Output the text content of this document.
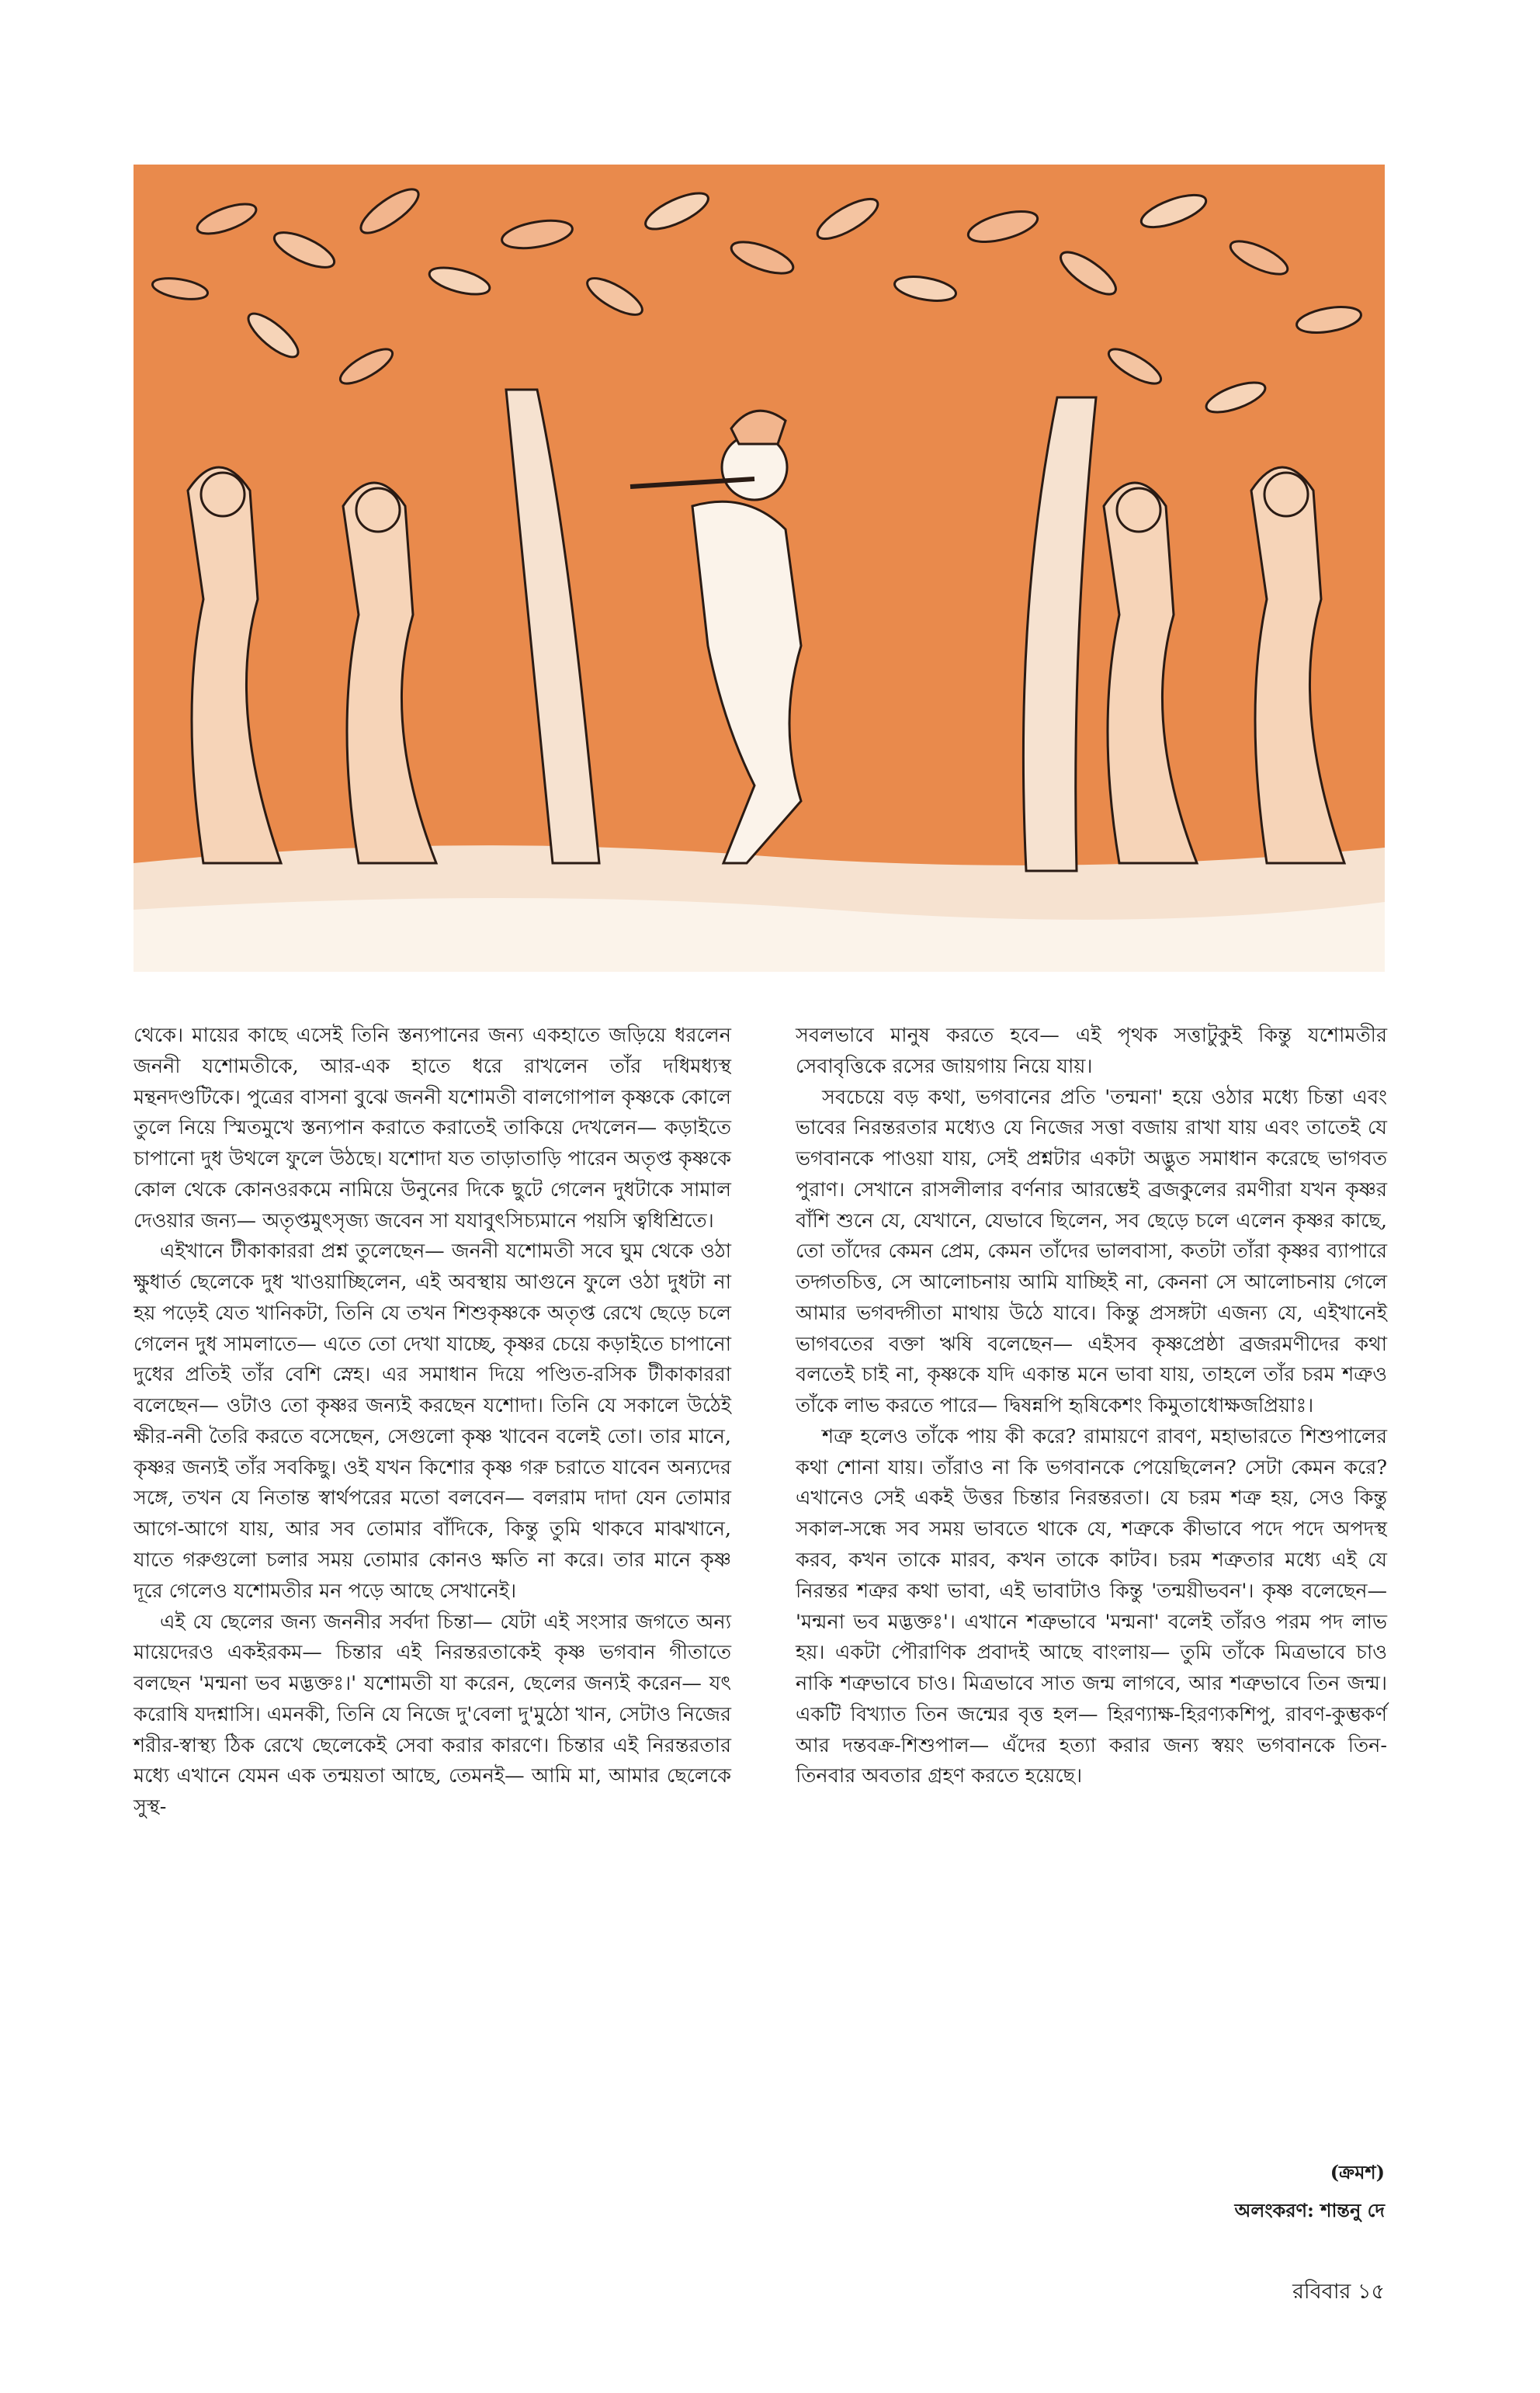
থেকে। মায়ের কাছে এসেই তিনি স্তন্যপানের জন্য একহাতে জড়িয়ে ধরলেন জননী যশোমতীকে, আর-এক হাতে ধরে রাখলেন তাঁর দধিমধ্যস্থ মন্থনদণ্ডটিকে। পুত্রের বাসনা বুঝে জননী যশোমতী বালগোপাল কৃষ্ণকে কোলে তুলে নিয়ে স্মিতমুখে স্তন্যপান করাতে করাতেই তাকিয়ে দেখলেন— কড়াইতে চাপানো দুধ উথলে ফুলে উঠছে। যশোদা যত তাড়াতাড়ি পারেন অতৃপ্ত কৃষ্ণকে কোল থেকে কোনওরকমে নামিয়ে উনুনের দিকে ছুটে গেলেন দুধটাকে সামাল দেওয়ার জন্য— অতৃপ্তমুৎসৃজ্য জবেন সা যযাবুৎসিচ্যমানে পয়সি ত্বধিশ্রিতে।

এইখানে টীকাকাররা প্রশ্ন তুলেছেন— জননী যশোমতী সবে ঘুম থেকে ওঠা ক্ষুধার্ত ছেলেকে দুধ খাওয়াচ্ছিলেন, এই অবস্থায় আগুনে ফুলে ওঠা দুধটা না হয় পড়েই যেত খানিকটা, তিনি যে তখন শিশুকৃষ্ণকে অতৃপ্ত রেখে ছেড়ে চলে গেলেন দুধ সামলাতে— এতে তো দেখা যাচ্ছে, কৃষ্ণর চেয়ে কড়াইতে চাপানো দুধের প্রতিই তাঁর বেশি স্নেহ। এর সমাধান দিয়ে পণ্ডিত-রসিক টীকাকাররা বলেছেন— ওটাও তো কৃষ্ণর জন্যই করছেন যশোদা। তিনি যে সকালে উঠেই ক্ষীর-ননী তৈরি করতে বসেছেন, সেগুলো কৃষ্ণ খাবেন বলেই তো। তার মানে, কৃষ্ণর জন্যই তাঁর সবকিছু। ওই যখন কিশোর কৃষ্ণ গরু চরাতে যাবেন অন্যদের সঙ্গে, তখন যে নিতান্ত স্বার্থপরের মতো বলবেন— বলরাম দাদা যেন তোমার আগে-আগে যায়, আর সব তোমার বাঁদিকে, কিন্তু তুমি থাকবে মাঝখানে, যাতে গরুগুলো চলার সময় তোমার কোনও ক্ষতি না করে। তার মানে কৃষ্ণ দূরে গেলেও যশোমতীর মন পড়ে আছে সেখানেই।

এই যে ছেলের জন্য জননীর সর্বদা চিন্তা— যেটা এই সংসার জগতে অন্য মায়েদেরও একইরকম— চিন্তার এই নিরন্তরতাকেই কৃষ্ণ ভগবান গীতাতে বলছেন 'মন্মনা ভব মদ্ভক্তঃ।' যশোমতী যা করেন, ছেলের জন্যই করেন— যৎ করোষি যদশ্নাসি। এমনকী, তিনি যে নিজে দু'বেলা দু'মুঠো খান, সেটাও নিজের শরীর-স্বাস্থ্য ঠিক রেখে ছেলেকেই সেবা করার কারণে। চিন্তার এই নিরন্তরতার মধ্যে এখানে যেমন এক তন্ময়তা আছে, তেমনই— আমি মা, আমার ছেলেকে সুস্থ-

সবলভাবে মানুষ করতে হবে— এই পৃথক সত্তাটুকুই কিন্তু যশোমতীর সেবাবৃত্তিকে রসের জায়গায় নিয়ে যায়।

সবচেয়ে বড় কথা, ভগবানের প্রতি 'তন্মনা' হয়ে ওঠার মধ্যে চিন্তা এবং ভাবের নিরন্তরতার মধ্যেও যে নিজের সত্তা বজায় রাখা যায় এবং তাতেই যে ভগবানকে পাওয়া যায়, সেই প্রশ্নটার একটা অদ্ভুত সমাধান করেছে ভাগবত পুরাণ। সেখানে রাসলীলার বর্ণনার আরম্ভেই ব্রজকুলের রমণীরা যখন কৃষ্ণর বাঁশি শুনে যে, যেখানে, যেভাবে ছিলেন, সব ছেড়ে চলে এলেন কৃষ্ণর কাছে, তো তাঁদের কেমন প্রেম, কেমন তাঁদের ভালবাসা, কতটা তাঁরা কৃষ্ণর ব্যাপারে তদ্গতচিত্ত, সে আলোচনায় আমি যাচ্ছিই না, কেননা সে আলোচনায় গেলে আমার ভগবদ্গীতা মাথায় উঠে যাবে। কিন্তু প্রসঙ্গটা এজন্য যে, এইখানেই ভাগবতের বক্তা ঋষি বলেছেন— এইসব কৃষ্ণপ্রেষ্ঠা ব্রজরমণীদের কথা বলতেই চাই না, কৃষ্ণকে যদি একান্ত মনে ভাবা যায়, তাহলে তাঁর চরম শত্রুও তাঁকে লাভ করতে পারে— দ্বিষন্নপি হৃষিকেশং কিমুতাধোক্ষজপ্রিয়াঃ।

শত্রু হলেও তাঁকে পায় কী করে? রামায়ণে রাবণ, মহাভারতে শিশুপালের কথা শোনা যায়। তাঁরাও না কি ভগবানকে পেয়েছিলেন? সেটা কেমন করে? এখানেও সেই একই উত্তর চিন্তার নিরন্তরতা। যে চরম শত্রু হয়, সেও কিন্তু সকাল-সন্ধে সব সময় ভাবতে থাকে যে, শত্রুকে কীভাবে পদে পদে অপদস্থ করব, কখন তাকে মারব, কখন তাকে কাটব। চরম শত্রুতার মধ্যে এই যে নিরন্তর শত্রুর কথা ভাবা, এই ভাবাটাও কিন্তু 'তন্ময়ীভবন'। কৃষ্ণ বলেছেন— 'মন্মনা ভব মদ্ভক্তঃ'। এখানে শত্রুভাবে 'মন্মনা' বলেই তাঁরও পরম পদ লাভ হয়। একটা পৌরাণিক প্রবাদই আছে বাংলায়— তুমি তাঁকে মিত্রভাবে চাও নাকি শত্রুভাবে চাও। মিত্রভাবে সাত জন্ম লাগবে, আর শত্রুভাবে তিন জন্ম। একটি বিখ্যাত তিন জন্মের বৃত্ত হল— হিরণ্যাক্ষ-হিরণ্যকশিপু, রাবণ-কুম্ভকর্ণ আর দন্তবক্র-শিশুপাল— এঁদের হত্যা করার জন্য স্বয়ং ভগবানকে তিন-তিনবার অবতার গ্রহণ করতে হয়েছে।

(ক্রমশ)

অলংকরণ: শান্তনু দে

রবিবার ১৫
